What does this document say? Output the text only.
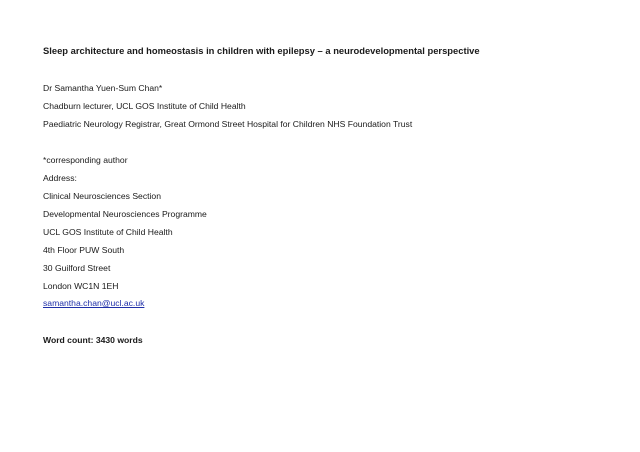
Sleep architecture and homeostasis in children with epilepsy – a neurodevelopmental perspective
Dr Samantha Yuen-Sum Chan*
Chadburn lecturer, UCL GOS Institute of Child Health
Paediatric Neurology Registrar, Great Ormond Street Hospital for Children NHS Foundation Trust
*corresponding author
Address:
Clinical Neurosciences Section
Developmental Neurosciences Programme
UCL GOS Institute of Child Health
4th Floor PUW South
30 Guilford Street
London WC1N 1EH
samantha.chan@ucl.ac.uk
Word count: 3430 words
